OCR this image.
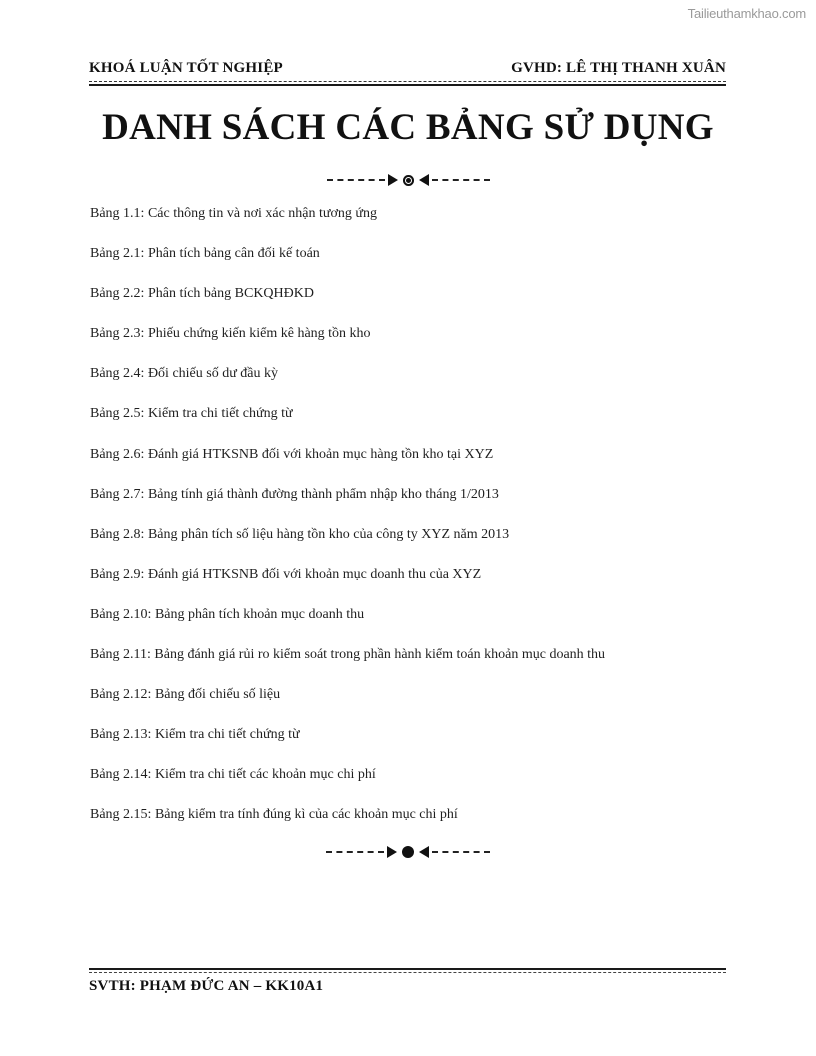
Tailieuthamkhao.com
KHOÁ LUẬN TỐT NGHIỆP	GVHD: LÊ THỊ THANH XUÂN
DANH SÁCH CÁC BẢNG SỬ DỤNG
Bảng 1.1: Các thông tin và nơi xác nhận tương ứng
Bảng 2.1: Phân tích bảng cân đối kế toán
Bảng 2.2: Phân tích bảng BCKQHĐKD
Bảng 2.3: Phiếu chứng kiến kiểm kê hàng tồn kho
Bảng 2.4: Đối chiếu số dư đầu kỳ
Bảng 2.5: Kiểm tra chi tiết chứng từ
Bảng 2.6: Đánh giá HTKSNB đối với khoản mục hàng tồn kho tại XYZ
Bảng 2.7: Bảng tính giá thành đường thành phẩm nhập kho tháng 1/2013
Bảng 2.8: Bảng phân tích số liệu hàng tồn kho của công ty XYZ năm 2013
Bảng 2.9: Đánh giá HTKSNB đối với khoản mục doanh thu của XYZ
Bảng 2.10: Bảng phân tích khoản mục doanh thu
Bảng 2.11: Bảng đánh giá rủi ro kiểm soát trong phần hành kiểm toán khoản mục doanh thu
Bảng 2.12: Bảng đối chiếu số liệu
Bảng 2.13: Kiểm tra chi tiết chứng từ
Bảng 2.14: Kiểm tra chi tiết các khoản mục chi phí
Bảng 2.15: Bảng kiểm tra tính đúng kì của các khoản mục chi phí
SVTH: PHẠM ĐỨC AN – KK10A1
